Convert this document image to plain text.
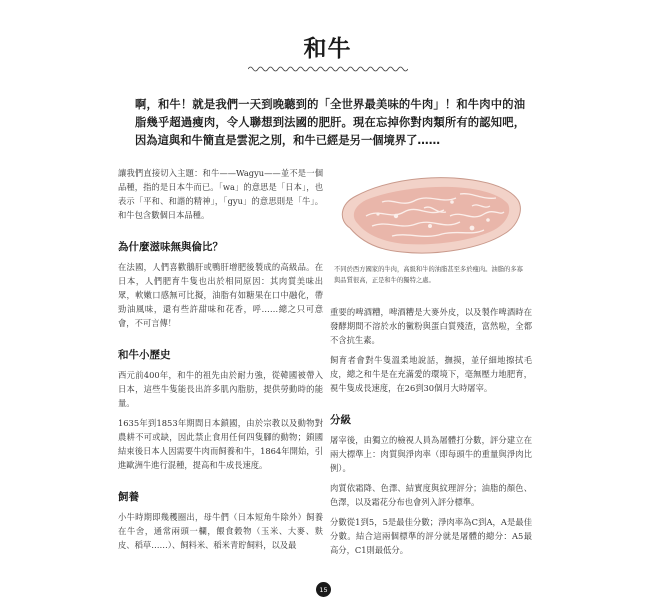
和牛
啊，和牛！就是我們一天到晚聽到的「全世界最美味的牛肉」！和牛肉中的油脂幾乎超過瘦肉，令人聯想到法國的肥肝。現在忘掉你對肉類所有的認知吧，因為這與和牛簡直是雲泥之別，和牛已經是另一個境界了……

讓我們直接切入主題：和牛——Wagyu——並不是一個品種，指的是日本牛而已。「wa」的意思是「日本」，也表示「平和、和諧的精神」，「gyu」的意思則是「牛」。和牛包含數個日本品種。

為什麼滋味無與倫比？

在法國，人們喜歡鵝肝或鴨肝增肥後製成的高級品。在日本，人們肥育牛隻也出於相同原因：其肉質美味出眾，軟嫩口感無可比擬，油脂有如糖果在口中融化，帶勁油風味，還有些許甜味和花香，呼……總之只可意會，不可言傳！

和牛小歷史

西元前400年，和牛的祖先由於耐力強，從韓國被帶入日本，這些牛隻能長出許多肌內脂肪，提供勞動時的能量。

1635年到1853年期間日本鎖國，由於宗教以及動物對農耕不可或缺，因此禁止食用任何四隻腳的動物；鎖國結束後日本人因需要牛肉而飼養和牛，1864年開始，引進歐洲牛進行混種，提高和牛成長速度。

飼養

小牛時期即幾穫圈出，母牛們（日本短角牛除外）飼養在牛舍，通常兩頭一欄，餵食穀物（玉米、大麥、麩皮、稻草……）、飼料米、稻米青貯飼料，以及最

不同於西方國家的牛肉，高級和牛的油脂甚至多於瘦肉。油脂的多寡與品質很高，正是和牛的獨特之處。

重要的啤酒糟，啤酒糟是大麥外皮，以及製作啤酒時在發酵期間不溶於水的黴粉與蛋白質殘渣，富然啦，全都不含抗生素。

飼育者會對牛隻溫柔地說話，撫摸，並仔細地擦拭毛皮，總之和牛是在充滿愛的環境下，毫無壓力地肥育，視牛隻成長速度，在26到30個月大時屠宰。

分級

屠宰後，由獨立的檢視人員為屠體打分數，評分建立在兩大標準上：肉質與淨肉率（即每頭牛的重量與淨肉比例）。

肉質依霜降、色澤、結實度與紋理評分；油脂的顏色、色澤，以及霜花分布也會列入評分標準。

分數從1到5，5是最佳分數；淨肉率為C到A，A是最佳分數。結合這兩個標準的評分就是屠體的總分：A5最高分，C1則最低分。

15
